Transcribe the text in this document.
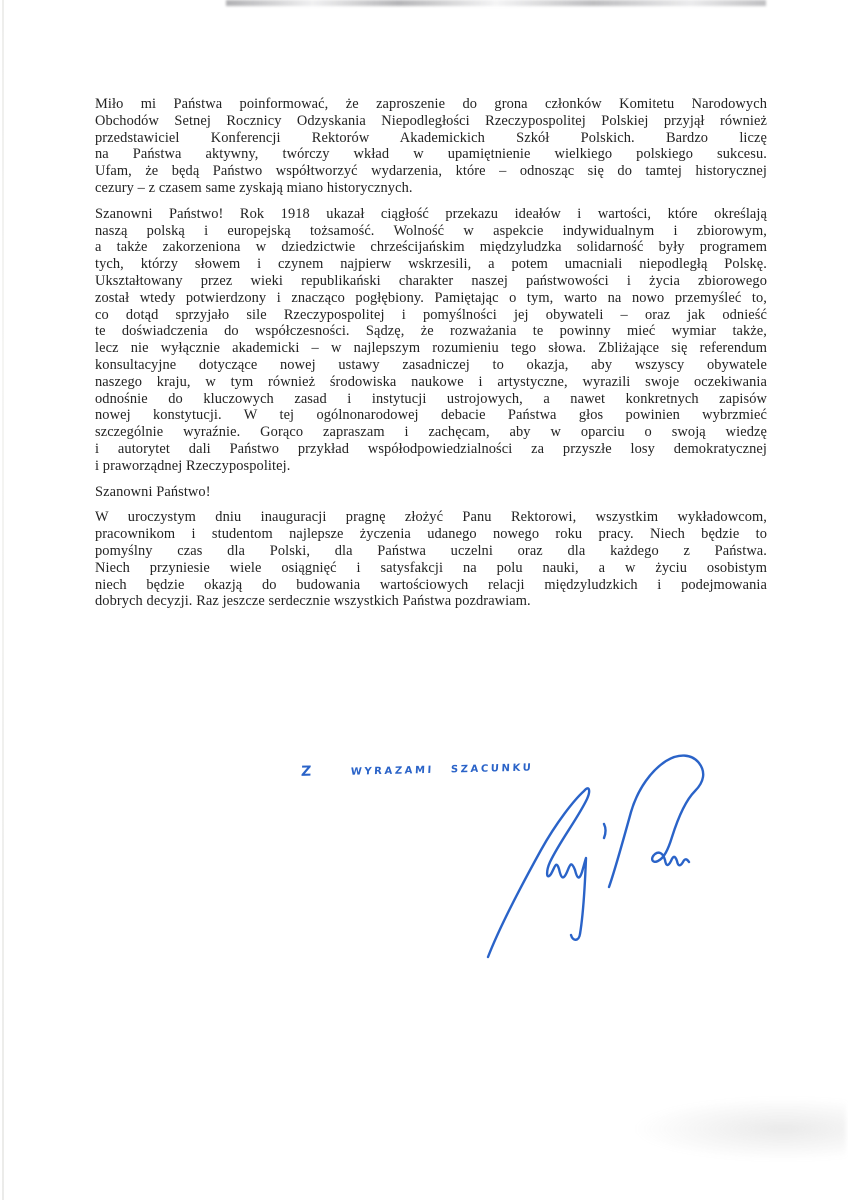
Miło mi Państwa poinformować, że zaproszenie do grona członków Komitetu Narodowych
Obchodów Setnej Rocznicy Odzyskania Niepodległości Rzeczypospolitej Polskiej przyjął również
przedstawiciel Konferencji Rektorów Akademickich Szkół Polskich. Bardzo liczę
na Państwa aktywny, twórczy wkład w upamiętnienie wielkiego polskiego sukcesu.
Ufam, że będą Państwo współtworzyć wydarzenia, które – odnosząc się do tamtej historycznej
cezury – z czasem same zyskają miano historycznych.
Szanowni Państwo! Rok 1918 ukazał ciągłość przekazu ideałów i wartości, które określają
naszą polską i europejską tożsamość. Wolność w aspekcie indywidualnym i zbiorowym,
a także zakorzeniona w dziedzictwie chrześcijańskim międzyludzka solidarność były programem
tych, którzy słowem i czynem najpierw wskrzesili, a potem umacniali niepodległą Polskę.
Ukształtowany przez wieki republikański charakter naszej państwowości i życia zbiorowego
został wtedy potwierdzony i znacząco pogłębiony. Pamiętając o tym, warto na nowo przemyśleć to,
co dotąd sprzyjało sile Rzeczypospolitej i pomyślności jej obywateli – oraz jak odnieść
te doświadczenia do współczesności. Sądzę, że rozważania te powinny mieć wymiar także,
lecz nie wyłącznie akademicki – w najlepszym rozumieniu tego słowa. Zbliżające się referendum
konsultacyjne dotyczące nowej ustawy zasadniczej to okazja, aby wszyscy obywatele
naszego kraju, w tym również środowiska naukowe i artystyczne, wyrazili swoje oczekiwania
odnośnie do kluczowych zasad i instytucji ustrojowych, a nawet konkretnych zapisów
nowej konstytucji. W tej ogólnonarodowej debacie Państwa głos powinien wybrzmieć
szczególnie wyraźnie. Gorąco zapraszam i zachęcam, aby w oparciu o swoją wiedzę
i autorytet dali Państwo przykład współodpowiedzialności za przyszłe losy demokratycznej
i praworządnej Rzeczypospolitej.
Szanowni Państwo!
W uroczystym dniu inauguracji pragnę złożyć Panu Rektorowi, wszystkim wykładowcom,
pracownikom i studentom najlepsze życzenia udanego nowego roku pracy. Niech będzie to
pomyślny czas dla Polski, dla Państwa uczelni oraz dla każdego z Państwa.
Niech przyniesie wiele osiągnięć i satysfakcji na polu nauki, a w życiu osobistym
niech będzie okazją do budowania wartościowych relacji międzyludzkich i podejmowania
dobrych decyzji. Raz jeszcze serdecznie wszystkich Państwa pozdrawiam.
Z	wyrazami szacunku
